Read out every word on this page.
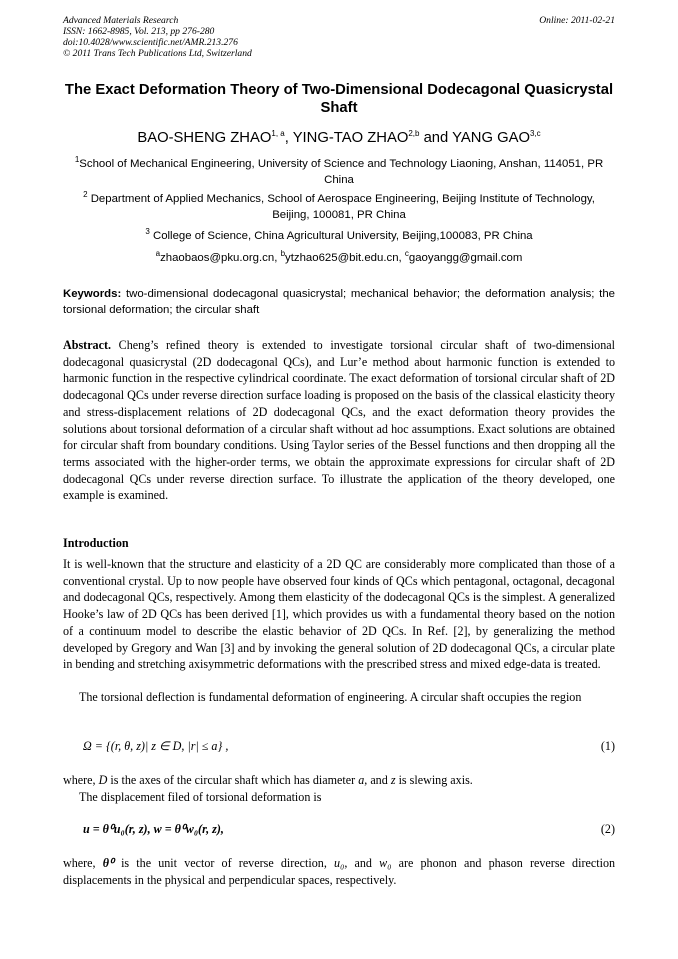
Advanced Materials Research
ISSN: 1662-8985, Vol. 213, pp 276-280
doi:10.4028/www.scientific.net/AMR.213.276
© 2011 Trans Tech Publications Ltd, Switzerland
Online: 2011-02-21
The Exact Deformation Theory of Two-Dimensional Dodecagonal Quasicrystal Shaft
BAO-SHENG ZHAO$^{1, a}$, YING-TAO ZHAO$^{2,b}$ and YANG GAO$^{3,c}$
$^1$School of Mechanical Engineering, University of Science and Technology Liaoning, Anshan, 114051, PR China
$^2$ Department of Applied Mechanics, School of Aerospace Engineering, Beijing Institute of Technology, Beijing, 100081, PR China
$^3$ College of Science, China Agricultural University, Beijing,100083, PR China
$^a$zhaobaos@pku.org.cn, $^b$ytzhao625@bit.edu.cn, $^c$gaoyangg@gmail.com
Keywords: two-dimensional dodecagonal quasicrystal; mechanical behavior; the deformation analysis; the torsional deformation; the circular shaft
Abstract. Cheng’s refined theory is extended to investigate torsional circular shaft of two-dimensional dodecagonal quasicrystal (2D dodecagonal QCs), and Lur’e method about harmonic function is extended to harmonic function in the respective cylindrical coordinate. The exact deformation of torsional circular shaft of 2D dodecagonal QCs under reverse direction surface loading is proposed on the basis of the classical elasticity theory and stress-displacement relations of 2D dodecagonal QCs, and the exact deformation theory provides the solutions about torsional deformation of a circular shaft without ad hoc assumptions. Exact solutions are obtained for circular shaft from boundary conditions. Using Taylor series of the Bessel functions and then dropping all the terms associated with the higher-order terms, we obtain the approximate expressions for circular shaft of 2D dodecagonal QCs under reverse direction surface. To illustrate the application of the theory developed, one example is examined.
Introduction
It is well-known that the structure and elasticity of a 2D QC are considerably more complicated than those of a conventional crystal. Up to now people have observed four kinds of QCs which pentagonal, octagonal, decagonal and dodecagonal QCs, respectively. Among them elasticity of the dodecagonal QCs is the simplest. A generalized Hooke’s law of 2D QCs has been derived [1], which provides us with a fundamental theory based on the notion of a continuum model to describe the elastic behavior of 2D QCs. In Ref. [2], by generalizing the method developed by Gregory and Wan [3] and by invoking the general solution of 2D dodecagonal QCs, a circular plate in bending and stretching axisymmetric deformations with the prescribed stress and mixed edge-data is treated.
The torsional deflection is fundamental deformation of engineering. A circular shaft occupies the region
Ω = {(r, θ, z)| z ∈ D, |r| ≤ a} ,	(1)
where, D is the axes of the circular shaft which has diameter a, and z is slewing axis.
The displacement filed of torsional deformation is
u = θ⁰u₀(r, z), w = θ⁰w₀(r, z),	(2)
where, θ⁰ is the unit vector of reverse direction, u₀, and w₀ are phonon and phason reverse direction displacements in the physical and perpendicular spaces, respectively.
